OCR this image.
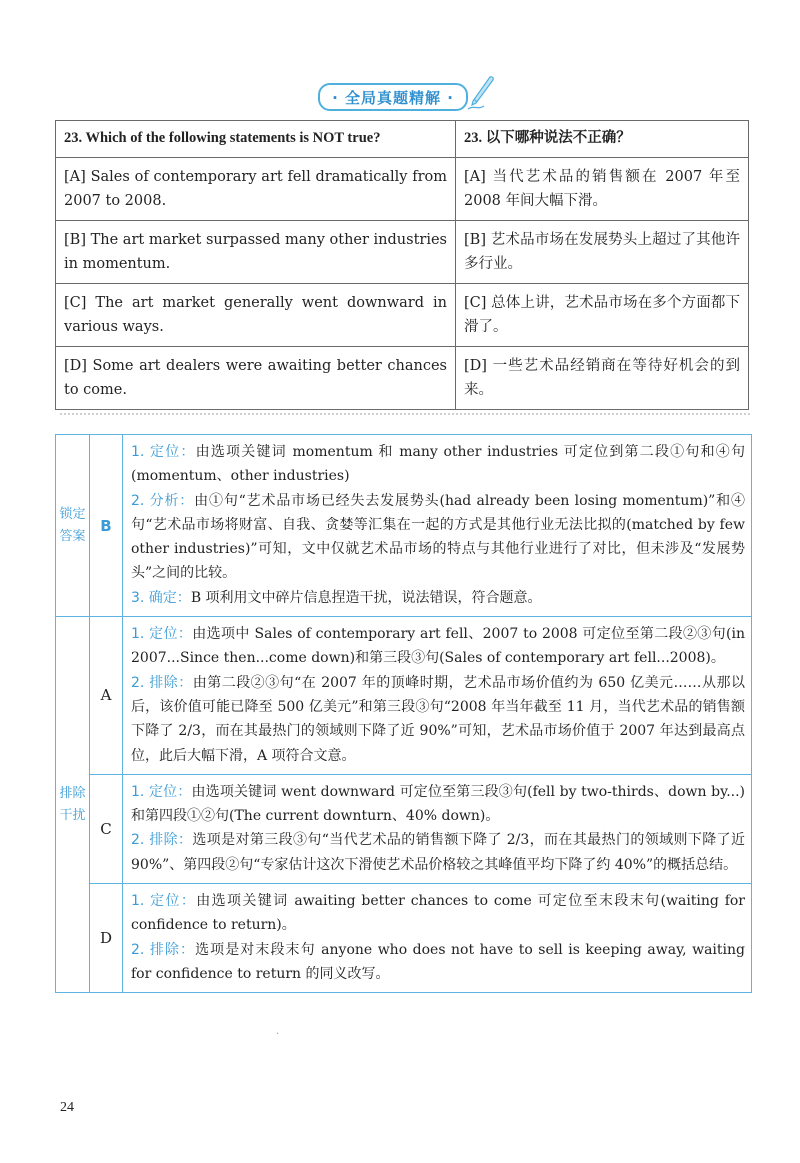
· 全局真题精解 ·
23. Which of the following statements is NOT true?	23. 以下哪种说法不正确？
[A] Sales of contemporary art fell dramatically from 2007 to 2008.	[A] 当代艺术品的销售额在 2007 年至 2008 年间大幅下滑。
[B] The art market surpassed many other industries in momentum.	[B] 艺术品市场在发展势头上超过了其他许多行业。
[C] The art market generally went downward in various ways.	[C] 总体上讲，艺术品市场在多个方面都下滑了。
[D] Some art dealers were awaiting better chances to come.	[D] 一些艺术品经销商在等待好机会的到来。
锁定答案	B	1. 定位：由选项关键词 momentum 和 many other industries 可定位到第二段①句和④句(momentum、other industries)

2. 分析：由①句“艺术品市场已经失去发展势头(had already been losing momentum)”和④句“艺术品市场将财富、自我、贪婪等汇集在一起的方式是其他行业无法比拟的(matched by few other industries)”可知，文中仅就艺术品市场的特点与其他行业进行了对比，但未涉及“发展势头”之间的比较。

3. 确定：B 项利用文中碎片信息捏造干扰，说法错误，符合题意。

排除干扰	A	1. 定位：由选项中 Sales of contemporary art fell、2007 to 2008 可定位至第二段②③句(in 2007...Since then...come down)和第三段③句(Sales of contemporary art fell...2008)。

2. 排除：由第二段②③句“在 2007 年的顶峰时期，艺术品市场价值约为 650 亿美元……从那以后，该价值可能已降至 500 亿美元”和第三段③句“2008 年当年截至 11 月，当代艺术品的销售额下降了 2/3，而在其最热门的领域则下降了近 90%”可知，艺术品市场价值于 2007 年达到最高点位，此后大幅下滑，A 项符合文意。

	C	1. 定位：由选项关键词 went downward 可定位至第三段③句(fell by two-thirds、down by...)和第四段①②句(The current downturn、40% down)。

2. 排除：选项是对第三段③句“当代艺术品的销售额下降了 2/3，而在其最热门的领域则下降了近 90%”、第四段②句“专家估计这次下滑使艺术品价格较之其峰值平均下降了约 40%”的概括总结。

	D	1. 定位：由选项关键词 awaiting better chances to come 可定位至末段末句(waiting for confidence to return)。

2. 排除：选项是对末段末句 anyone who does not have to sell is keeping away, waiting for confidence to return 的同义改写。

.
24
